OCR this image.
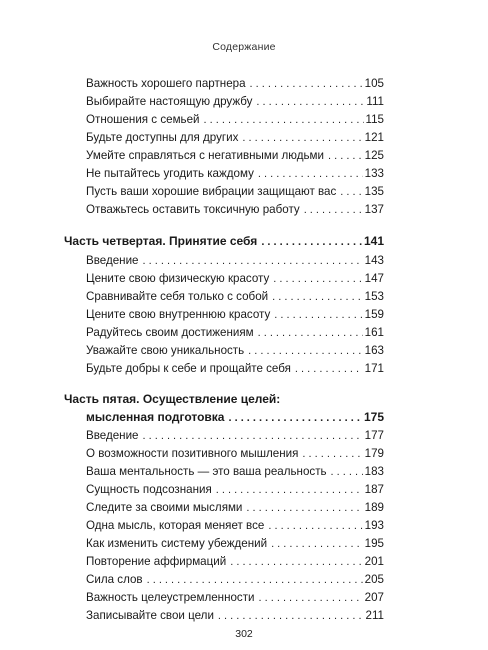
Содержание
Важность хорошего партнера . . .	105
Выбирайте настоящую дружбу . . .	111
Отношения с семьей . . .	115
Будьте доступны для других . . .	121
Умейте справляться с негативными людьми . . .	125
Не пытайтесь угодить каждому . . .	133
Пусть ваши хорошие вибрации защищают вас . . . 135
Отважьтесь оставить токсичную работу . . .	137
Часть четвертая. Принятие себя . . .	141
Введение . . .	143
Цените свою физическую красоту . . .	147
Сравнивайте себя только с собой . . .	153
Цените свою внутреннюю красоту . . .	159
Радуйтесь своим достижениям . . .	161
Уважайте свою уникальность . . .	163
Будьте добры к себе и прощайте себя . . .	171
Часть пятая. Осуществление целей:
мысленная подготовка . . .	175
Введение . . .	177
О возможности позитивного мышления . . .	179
Ваша ментальность — это ваша реальность . . .	183
Сущность подсознания . . .	187
Следите за своими мыслями . . .	189
Одна мысль, которая меняет все . . .	193
Как изменить систему убеждений . . .	195
Повторение аффирмаций . . .	201
Сила слов . . .	205
Важность целеустремленности . . .	207
Записывайте свои цели . . .	211
302
